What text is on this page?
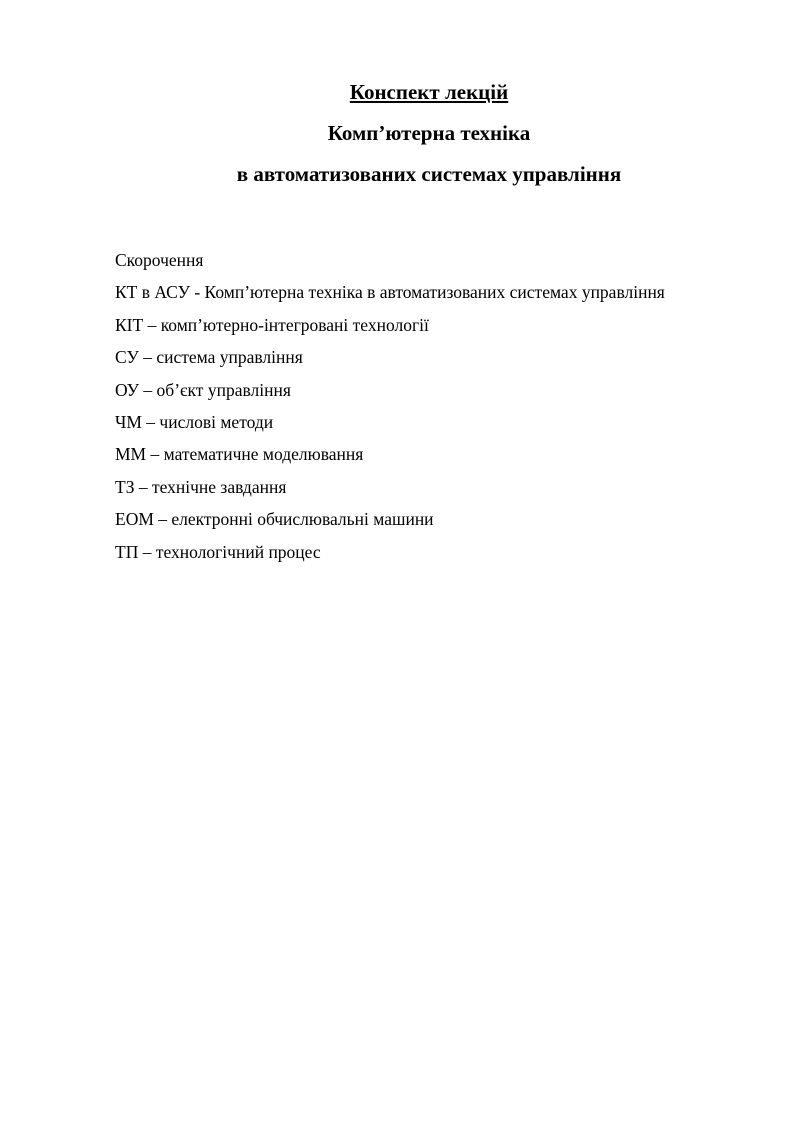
Конспект лекцій
Комп’ютерна техніка
в автоматизованих системах управління
Скорочення
КТ в АСУ - Комп’ютерна техніка в автоматизованих системах управління
КІТ – комп’ютерно-інтегровані технології
СУ – система управління
ОУ – об’єкт управління
ЧМ – числові методи
ММ – математичне моделювання
ТЗ – технічне завдання
ЕОМ – електронні обчислювальні машини
ТП – технологічний процес
